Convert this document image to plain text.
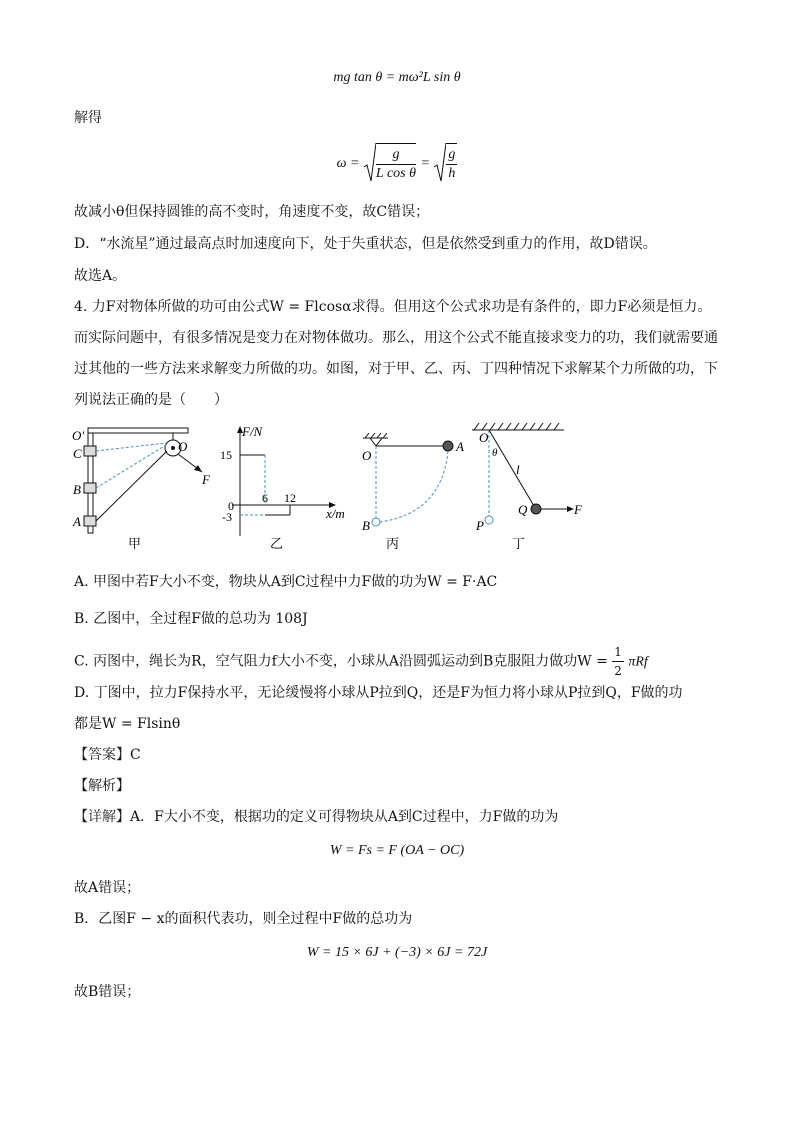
mg tan θ = mω²L sin θ
解得
$\omega = \frac{g}{\text{L cos θ}} = \frac{g}{h}$
故减小θ但保持圆锥的高不变时，角速度不变，故C错误；
D．“水流星”通过最高点时加速度向下，处于失重状态，但是依然受到重力的作用，故D错误。
故选A。
4. 力F对物体所做的功可由公式W = Flcosα求得。但用这个公式求功是有条件的，即力F必须是恒力。
而实际问题中，有很多情况是变力在对物体做功。那么，用这个公式不能直接求变力的功，我们就需要通
过其他的一些方法来求解变力所做的功。如图，对于甲、乙、丙、丁四种情况下求解某个力所做的功，下
列说法正确的是（　　）
O′
O
C
B
A
F
甲
F/N
15
0
-3
6 12
x/m
乙
O
A
B
丙
O
θ
l
P
Q	F
丁
A. 甲图中若F大小不变，物块从A到C过程中力F做的功为W = F·AC
B. 乙图中，全过程F做的总功为 108J
C. 丙图中，绳长为R，空气阻力f大小不变，小球从A沿圆弧运动到B克服阻力做功$W = \frac{1}{2}$ πRf
D. 丁图中，拉力F保持水平，无论缓慢将小球从P拉到Q，还是F为恒力将小球从P拉到Q，F做的功
都是W = Flsinθ
【答案】C
【解析】
【详解】A．F大小不变，根据功的定义可得物块从A到C过程中，力F做的功为
W = Fs = F (OA − OC)
故A错误；
B．乙图F − x的面积代表功，则全过程中F做的总功为
W = 15 × 6J + (−3) × 6J = 72J
故B错误；
